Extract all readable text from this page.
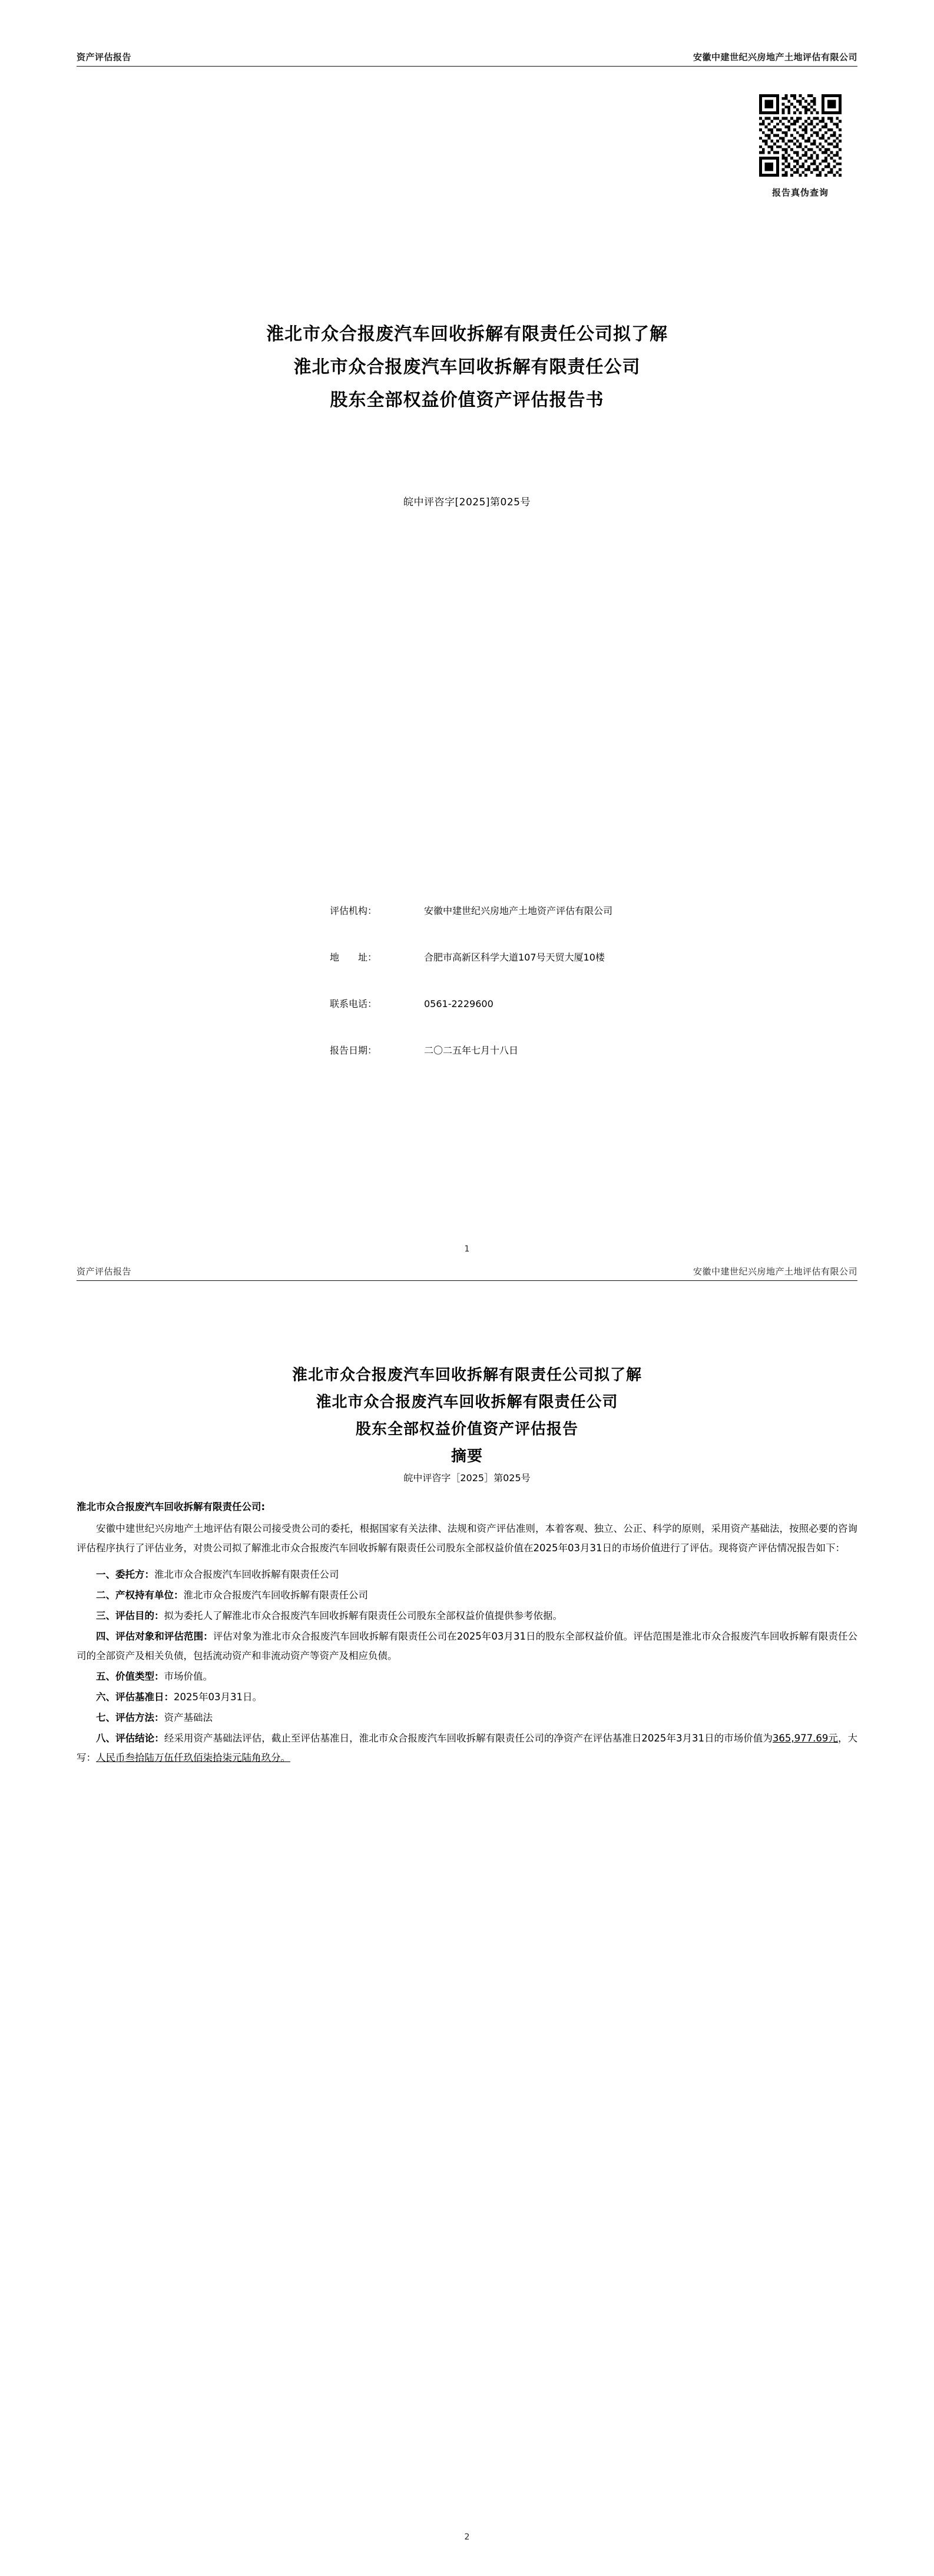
资产评估报告	安徽中建世纪兴房地产土地评估有限公司
报告真伪查询
淮北市众合报废汽车回收拆解有限责任公司拟了解
淮北市众合报废汽车回收拆解有限责任公司
股东全部权益价值资产评估报告书
皖中评咨字[2025]第025号
评估机构：	安徽中建世纪兴房地产土地资产评估有限公司
地　　址：	合肥市高新区科学大道107号天贸大厦10楼
联系电话：	0561-2229600
报告日期：	二〇二五年七月十八日
1
资产评估报告	安徽中建世纪兴房地产土地评估有限公司
淮北市众合报废汽车回收拆解有限责任公司拟了解
淮北市众合报废汽车回收拆解有限责任公司
股东全部权益价值资产评估报告
摘要
皖中评咨字［2025］第025号
淮北市众合报废汽车回收拆解有限责任公司:

安徽中建世纪兴房地产土地评估有限公司接受贵公司的委托，根据国家有关法律、法规和资产评估准则，本着客观、独立、公正、科学的原则，采用资产基础法，按照必要的咨询评估程序执行了评估业务，对贵公司拟了解淮北市众合报废汽车回收拆解有限责任公司股东全部权益价值在2025年03月31日的市场价值进行了评估。现将资产评估情况报告如下：

一、委托方：淮北市众合报废汽车回收拆解有限责任公司

二、产权持有单位：淮北市众合报废汽车回收拆解有限责任公司

三、评估目的：拟为委托人了解淮北市众合报废汽车回收拆解有限责任公司股东全部权益价值提供参考依据。

四、评估对象和评估范围：评估对象为淮北市众合报废汽车回收拆解有限责任公司在2025年03月31日的股东全部权益价值。评估范围是淮北市众合报废汽车回收拆解有限责任公司的全部资产及相关负债，包括流动资产和非流动资产等资产及相应负债。

五、价值类型：市场价值。

六、评估基准日：2025年03月31日。

七、评估方法：资产基础法

八、评估结论：经采用资产基础法评估，截止至评估基准日，淮北市众合报废汽车回收拆解有限责任公司的净资产在评估基准日2025年3月31日的市场价值为365,977.69元，大写：人民币叁拾陆万伍仟玖佰柒拾柒元陆角玖分。

2
